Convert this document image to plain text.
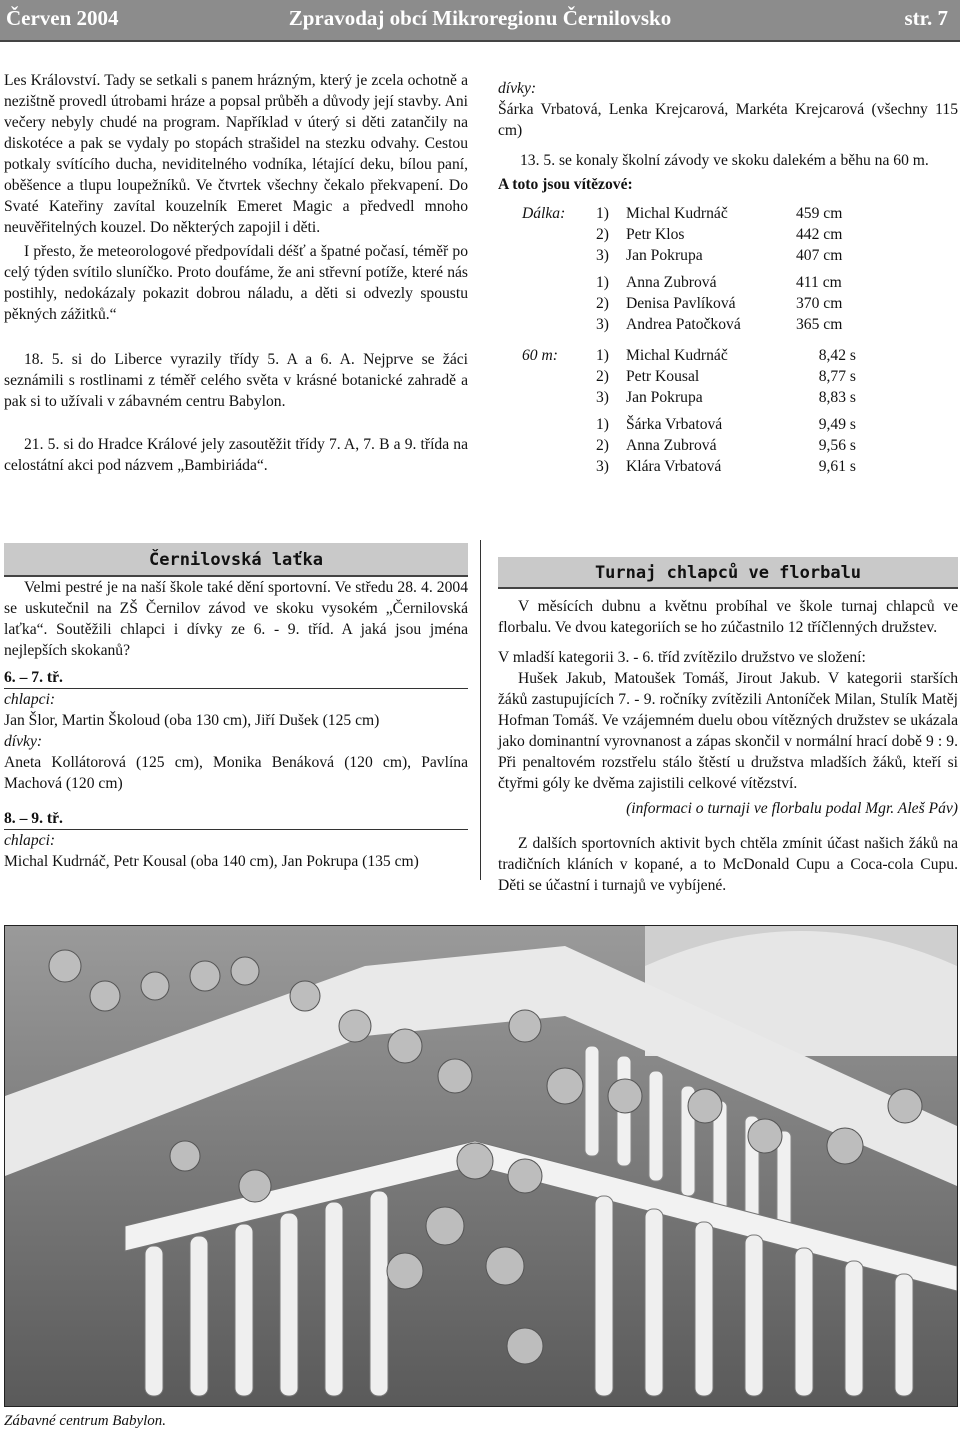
Zpravodaj obcí Mikroregionu Černilovsko
Červen 2004	str. 7

Les Království. Tady se setkali s panem hrázným, který je zcela ochotně a nezištně provedl útrobami hráze a popsal průběh a důvody její stavby. Ani večery nebyly chudé na program. Například v úterý si děti zatančily na diskotéce a pak se vydaly po stopách strašidel na stezku odvahy. Cestou potkaly svítícího ducha, neviditelného vodníka, létající deku, bílou paní, oběšence a tlupu loupežníků. Ve čtvrtek všechny čekalo překvapení. Do Svaté Kateřiny zavítal kouzelník Emeret Magic a předvedl mnoho neuvěřitelných kouzel. Do některých zapojil i děti.

I přesto, že meteorologové předpovídali déšť a špatné počasí, téměř po celý týden svítilo sluníčko. Proto doufáme, že ani střevní potíže, které nás postihly, nedokázaly pokazit dobrou náladu, a děti si odvezly spoustu pěkných zážitků.“

18. 5. si do Liberce vyrazily třídy 5. A a 6. A. Nejprve se žáci seznámili s rostlinami z téměř celého světa v krásné botanické zahradě a pak si to užívali v zábavném centru Babylon.

21. 5. si do Hradce Králové jely zasoutěžit třídy 7. A, 7. B a 9. třída na celostátní akci pod názvem „Bambiriáda“.

dívky:

Šárka Vrbatová, Lenka Krejcarová, Markéta Krejcarová (všechny 115 cm)

13. 5. se konaly školní závody ve skoku dalekém a běhu na 60 m.

A toto jsou vítězové:

Dálka:	1)	Michal Kudrnáč	459 cm
	2)	Petr Klos	442 cm
	3)	Jan Pokrupa	407 cm
	1)	Anna Zubrová	411 cm
	2)	Denisa Pavlíková	370 cm
	3)	Andrea Patočková	365 cm
60 m:	1)	Michal Kudrnáč	8,42 s
	2)	Petr Kousal	8,77 s
	3)	Jan Pokrupa	8,83 s
	1)	Šárka Vrbatová	9,49 s
	2)	Anna Zubrová	9,56 s
	3)	Klára Vrbatová	9,61 s
Černilovská laťka

Velmi pestré je na naší škole také dění sportovní. Ve středu 28. 4. 2004 se uskutečnil na ZŠ Černilov závod ve skoku vysokém „Černilovská laťka“. Soutěžili chlapci i dívky ze 6. - 9. tříd. A jaká jsou jména nejlepších skokanů?

6. – 7. tř.

chlapci:

Jan Šlor, Martin Školoud (oba 130 cm), Jiří Dušek (125 cm)

dívky:

Aneta Kollátorová (125 cm), Monika Benáková (120 cm), Pavlína Machová (120 cm)

8. – 9. tř.

chlapci:

Michal Kudrnáč, Petr Kousal (oba 140 cm), Jan Pokrupa (135 cm)

Turnaj chlapců ve florbalu

V měsících dubnu a květnu probíhal ve škole turnaj chlapců ve florbalu. Ve dvou kategoriích se ho zúčastnilo 12 tříčlenných družstev.

V mladší kategorii 3. - 6. tříd zvítězilo družstvo ve složení:

Hušek Jakub, Matoušek Tomáš, Jirout Jakub. V kategorii starších žáků zastupujících 7. - 9. ročníky zvítězili Antoníček Milan, Stulík Matěj Hofman Tomáš. Ve vzájemném duelu obou vítězných družstev se ukázala jako dominantní vyrovnanost a zápas skončil v normální hrací době 9 : 9. Při penaltovém rozstřelu stálo štěstí u družstva mladších žáků, kteří si čtyřmi góly ke dvěma zajistili celkové vítězství.

(informaci o turnaji ve florbalu podal Mgr. Aleš Páv)

Z dalších sportovních aktivit bych chtěla zmínit účast našich žáků na tradičních kláních v kopané, a to McDonald Cupu a Coca-cola Cupu. Děti se účastní i turnajů ve vybíjené.

Zábavné centrum Babylon.
